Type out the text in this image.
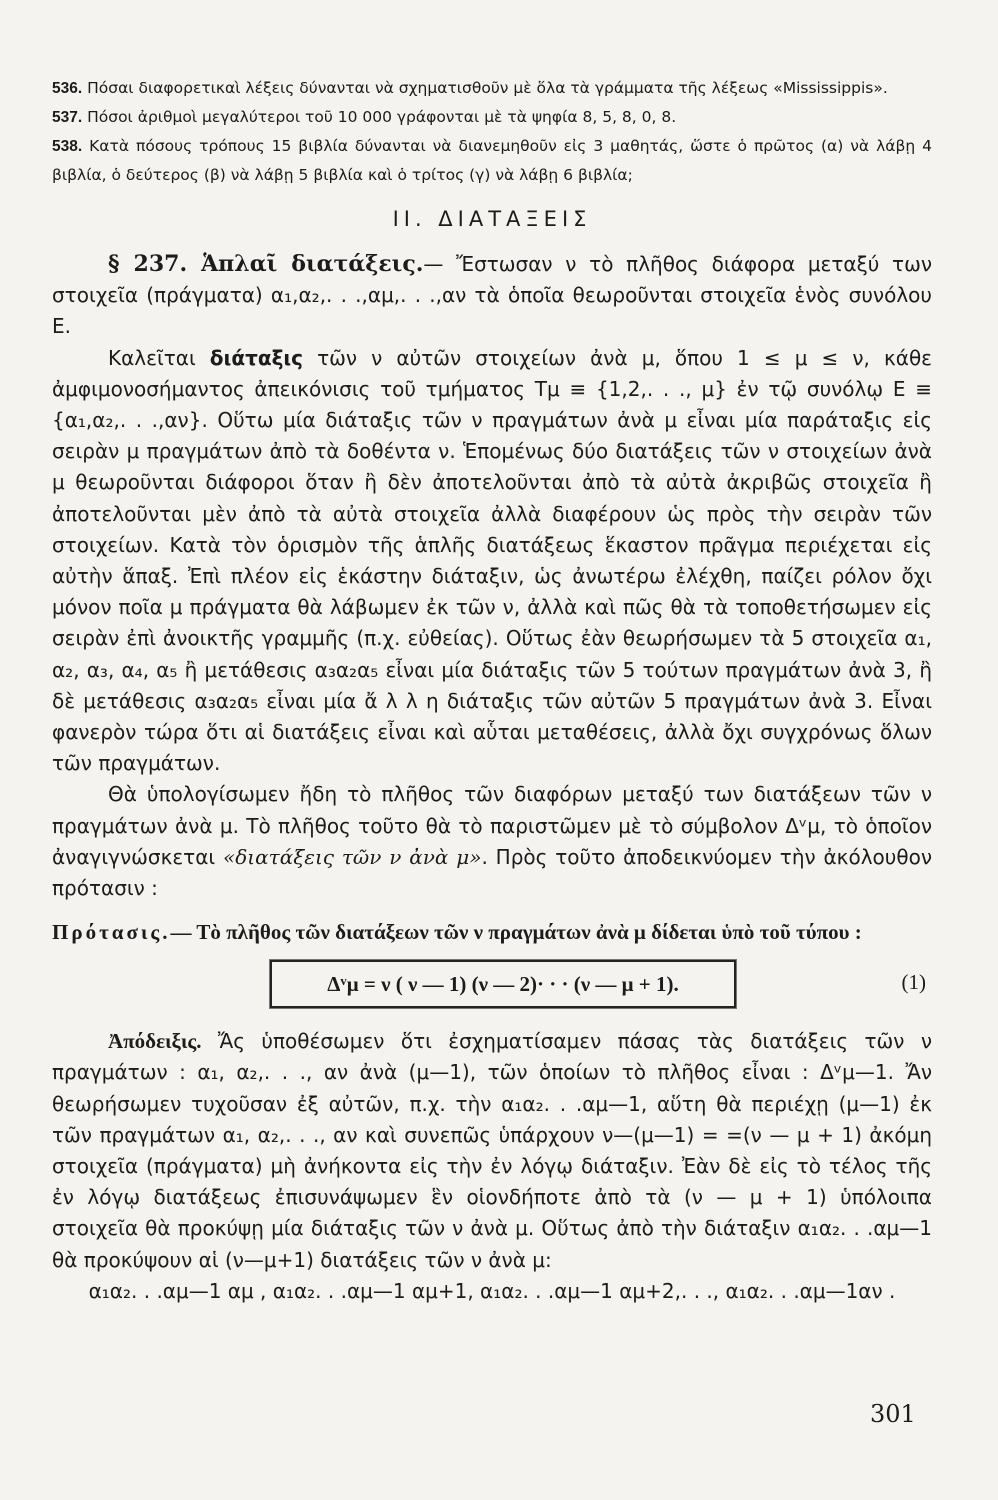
536. Πόσαι διαφορετικαὶ λέξεις δύνανται νὰ σχηματισθοῦν μὲ ὅλα τὰ γράμματα τῆς λέξεως «Mississippis».

537. Πόσοι ἀριθμοὶ μεγαλύτεροι τοῦ 10 000 γράφονται μὲ τὰ ψηφία 8, 5, 8, 0, 8.

538. Κατὰ πόσους τρόπους 15 βιβλία δύνανται νὰ διανεμηθοῦν εἰς 3 μαθητάς, ὥστε ὁ πρῶτος (α) νὰ λάβῃ 4 βιβλία, ὁ δεύτερος (β) νὰ λάβῃ 5 βιβλία καὶ ὁ τρίτος (γ) νὰ λάβῃ 6 βιβλία;

II. ΔΙΑΤΑΞΕΙΣ

§ 237. Ἁπλαῖ διατάξεις.— Ἔστωσαν ν τὸ πλῆθος διάφορα μεταξύ των στοιχεῖα (πράγματα) α₁,α₂,. . .,αμ,. . .,αν τὰ ὁποῖα θεωροῦνται στοιχεῖα ἑνὸς συνόλου Ε.

Καλεῖται διάταξις τῶν ν αὐτῶν στοιχείων ἀνὰ μ, ὅπου 1 ≤ μ ≤ ν, κάθε ἀμφιμονοσήμαντος ἀπεικόνισις τοῦ τμήματος Τμ ≡ {1,2,. . ., μ} ἐν τῷ συνόλῳ Ε ≡ {α₁,α₂,. . .,αν}. Οὕτω μία διάταξις τῶν ν πραγμάτων ἀνὰ μ εἶναι μία παράταξις εἰς σειρὰν μ πραγμάτων ἀπὸ τὰ δοθέντα ν. Ἑπομένως δύο διατάξεις τῶν ν στοιχείων ἀνὰ μ θεωροῦνται διάφοροι ὅταν ἢ δὲν ἀποτελοῦνται ἀπὸ τὰ αὐτὰ ἀκριβῶς στοιχεῖα ἢ ἀποτελοῦνται μὲν ἀπὸ τὰ αὐτὰ στοιχεῖα ἀλλὰ διαφέρουν ὡς πρὸς τὴν σειρὰν τῶν στοιχείων. Κατὰ τὸν ὁρισμὸν τῆς ἁπλῆς διατάξεως ἕκαστον πρᾶγμα περιέχεται εἰς αὐτὴν ἅπαξ. Ἐπὶ πλέον εἰς ἑκάστην διάταξιν, ὡς ἀνωτέρω ἐλέχθη, παίζει ρόλον ὄχι μόνον ποῖα μ πράγματα θὰ λάβωμεν ἐκ τῶν ν, ἀλλὰ καὶ πῶς θὰ τὰ τοποθετήσωμεν εἰς σειρὰν ἐπὶ ἀνοικτῆς γραμμῆς (π.χ. εὐθείας). Οὕτως ἐὰν θεωρήσωμεν τὰ 5 στοιχεῖα α₁, α₂, α₃, α₄, α₅ ἢ μετάθεσις α₃α₂α₅ εἶναι μία διάταξις τῶν 5 τούτων πραγμάτων ἀνὰ 3, ἢ δὲ μετάθεσις α₃α₂α₅ εἶναι μία ἄ λ λ η διάταξις τῶν αὐτῶν 5 πραγμάτων ἀνὰ 3. Εἶναι φανερὸν τώρα ὅτι αἱ διατάξεις εἶναι καὶ αὗται μεταθέσεις, ἀλλὰ ὄχι συγχρόνως ὅλων τῶν πραγμάτων.

Θὰ ὑπολογίσωμεν ἤδη τὸ πλῆθος τῶν διαφόρων μεταξύ των διατάξεων τῶν ν πραγμάτων ἀνὰ μ. Τὸ πλῆθος τοῦτο θὰ τὸ παριστῶμεν μὲ τὸ σύμβολον Δᵛμ, τὸ ὁποῖον ἀναγιγνώσκεται «διατάξεις τῶν ν ἀνὰ μ». Πρὸς τοῦτο ἀποδεικνύομεν τὴν ἀκόλουθον πρότασιν :

Πρότασις.— Τὸ πλῆθος τῶν διατάξεων τῶν ν πραγμάτων ἀνὰ μ δίδεται ὑπὸ τοῦ τύπου :
Δᵛμ = ν ( ν — 1) (ν — 2)· · · (ν — μ + 1).	(1)

Ἀπόδειξις. Ἄς ὑποθέσωμεν ὅτι ἐσχηματίσαμεν πάσας τὰς διατάξεις τῶν ν πραγμάτων : α₁, α₂,. . ., αν ἀνὰ (μ—1), τῶν ὁποίων τὸ πλῆθος εἶναι : Δᵛμ—1. Ἄν θεωρήσωμεν τυχοῦσαν ἐξ αὐτῶν, π.χ. τὴν α₁α₂. . .αμ—1, αὕτη θὰ περιέχῃ (μ—1) ἐκ τῶν πραγμάτων α₁, α₂,. . ., αν καὶ συνεπῶς ὑπάρχουν ν—(μ—1) = =(ν — μ + 1) ἀκόμη στοιχεῖα (πράγματα) μὴ ἀνήκοντα εἰς τὴν ἐν λόγῳ διάταξιν. Ἐὰν δὲ εἰς τὸ τέλος τῆς ἐν λόγῳ διατάξεως ἐπισυνάψωμεν ἓν οἱονδήποτε ἀπὸ τὰ (ν — μ + 1) ὑπόλοιπα στοιχεῖα θὰ προκύψῃ μία διάταξις τῶν ν ἀνὰ μ. Οὕτως ἀπὸ τὴν διάταξιν α₁α₂. . .αμ—1 θὰ προκύψουν αἱ (ν—μ+1) διατάξεις τῶν ν ἀνὰ μ:

α₁α₂. . .αμ—1 αμ , α₁α₂. . .αμ—1 αμ+1, α₁α₂. . .αμ—1 αμ+2,. . ., α₁α₂. . .αμ—1αν .

301
